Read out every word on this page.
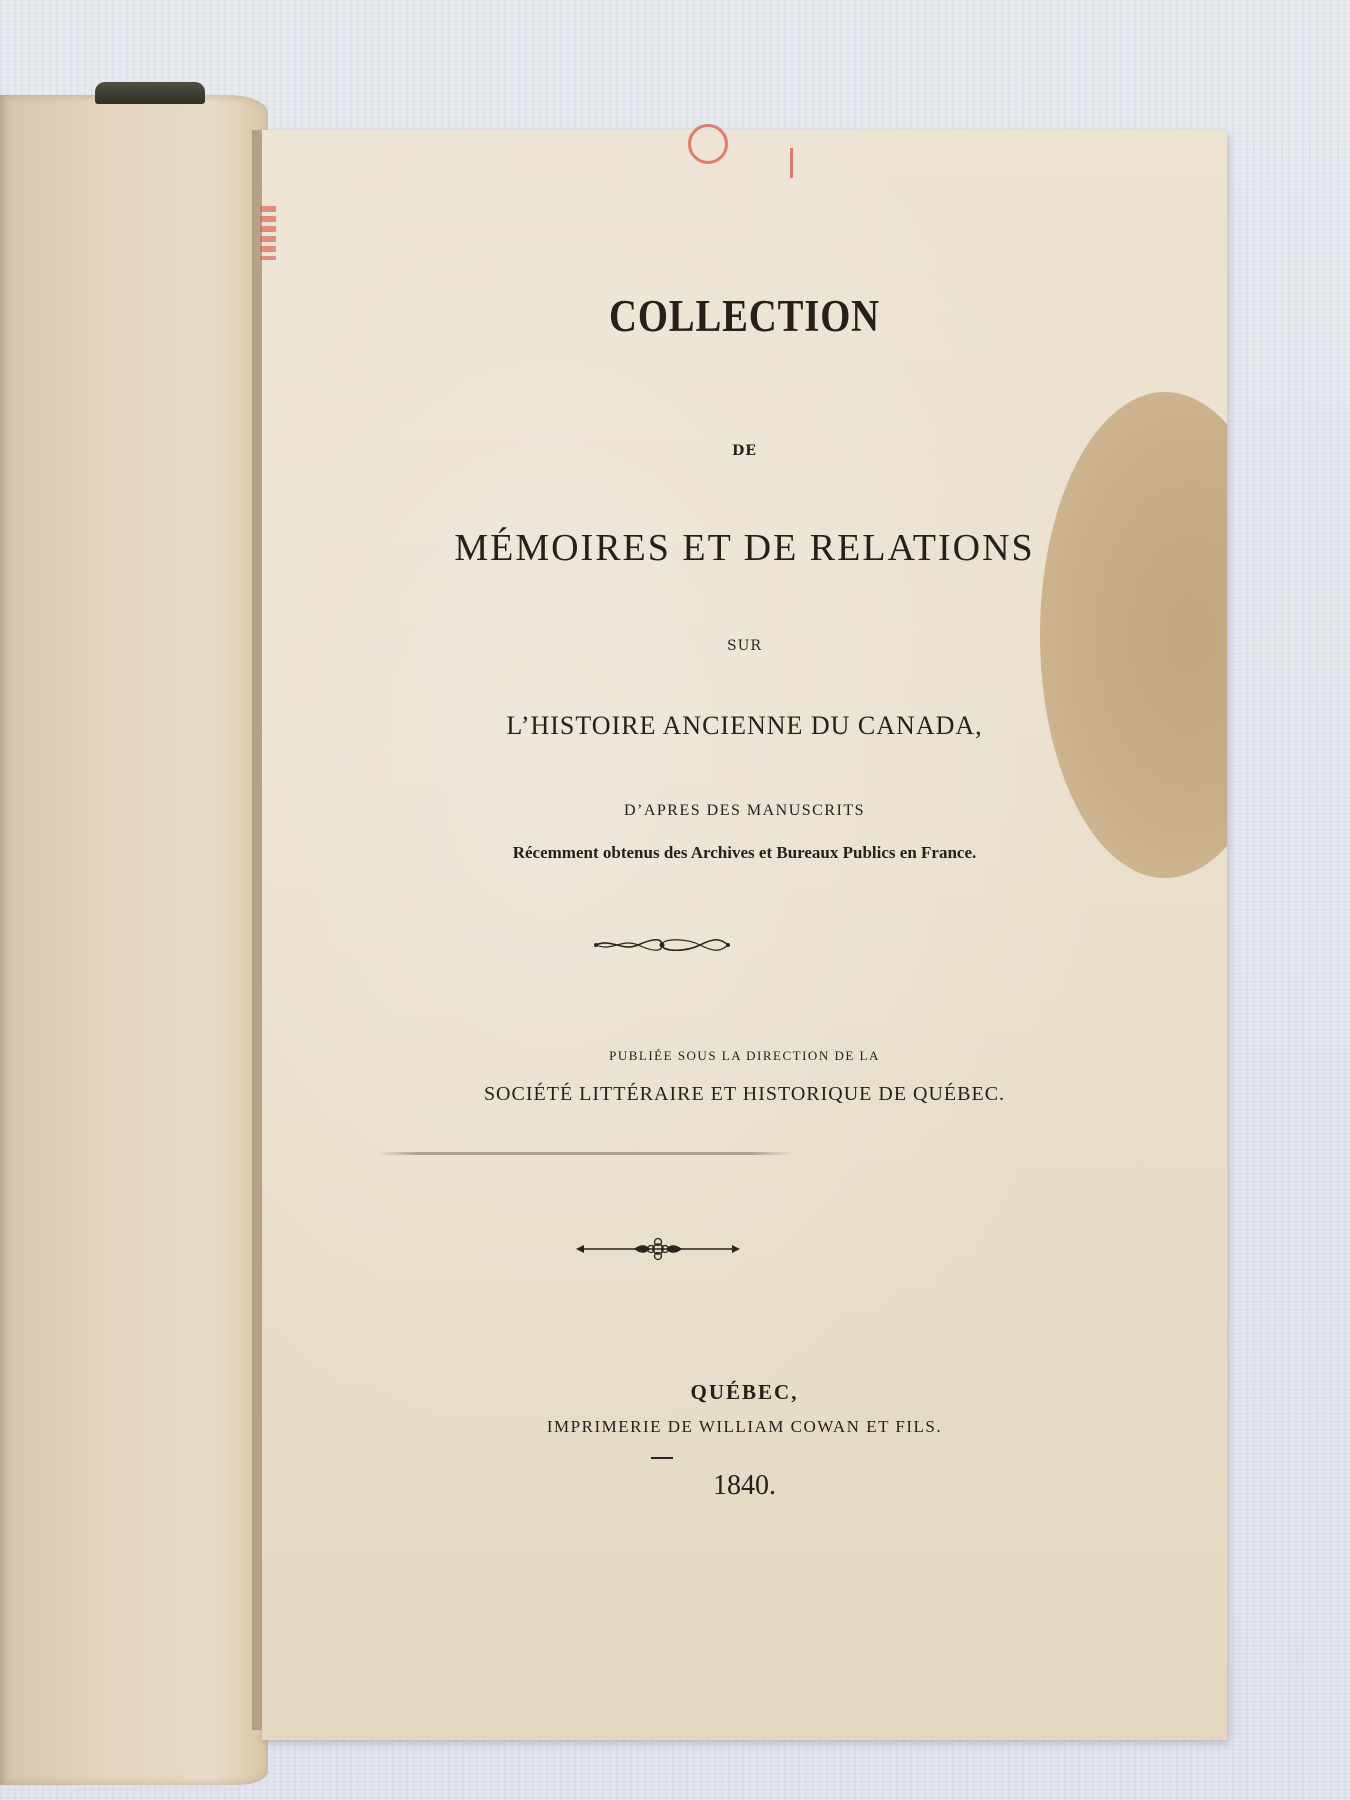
COLLECTION

DE

MÉMOIRES ET DE RELATIONS

SUR

L’HISTOIRE ANCIENNE DU CANADA,

D’APRES DES MANUSCRITS

Récemment obtenus des Archives et Bureaux Publics en France.

PUBLIÉE SOUS LA DIRECTION DE LA

SOCIÉTÉ LITTÉRAIRE ET HISTORIQUE DE QUÉBEC.

QUÉBEC,

IMPRIMERIE DE WILLIAM COWAN ET FILS.

1840.
